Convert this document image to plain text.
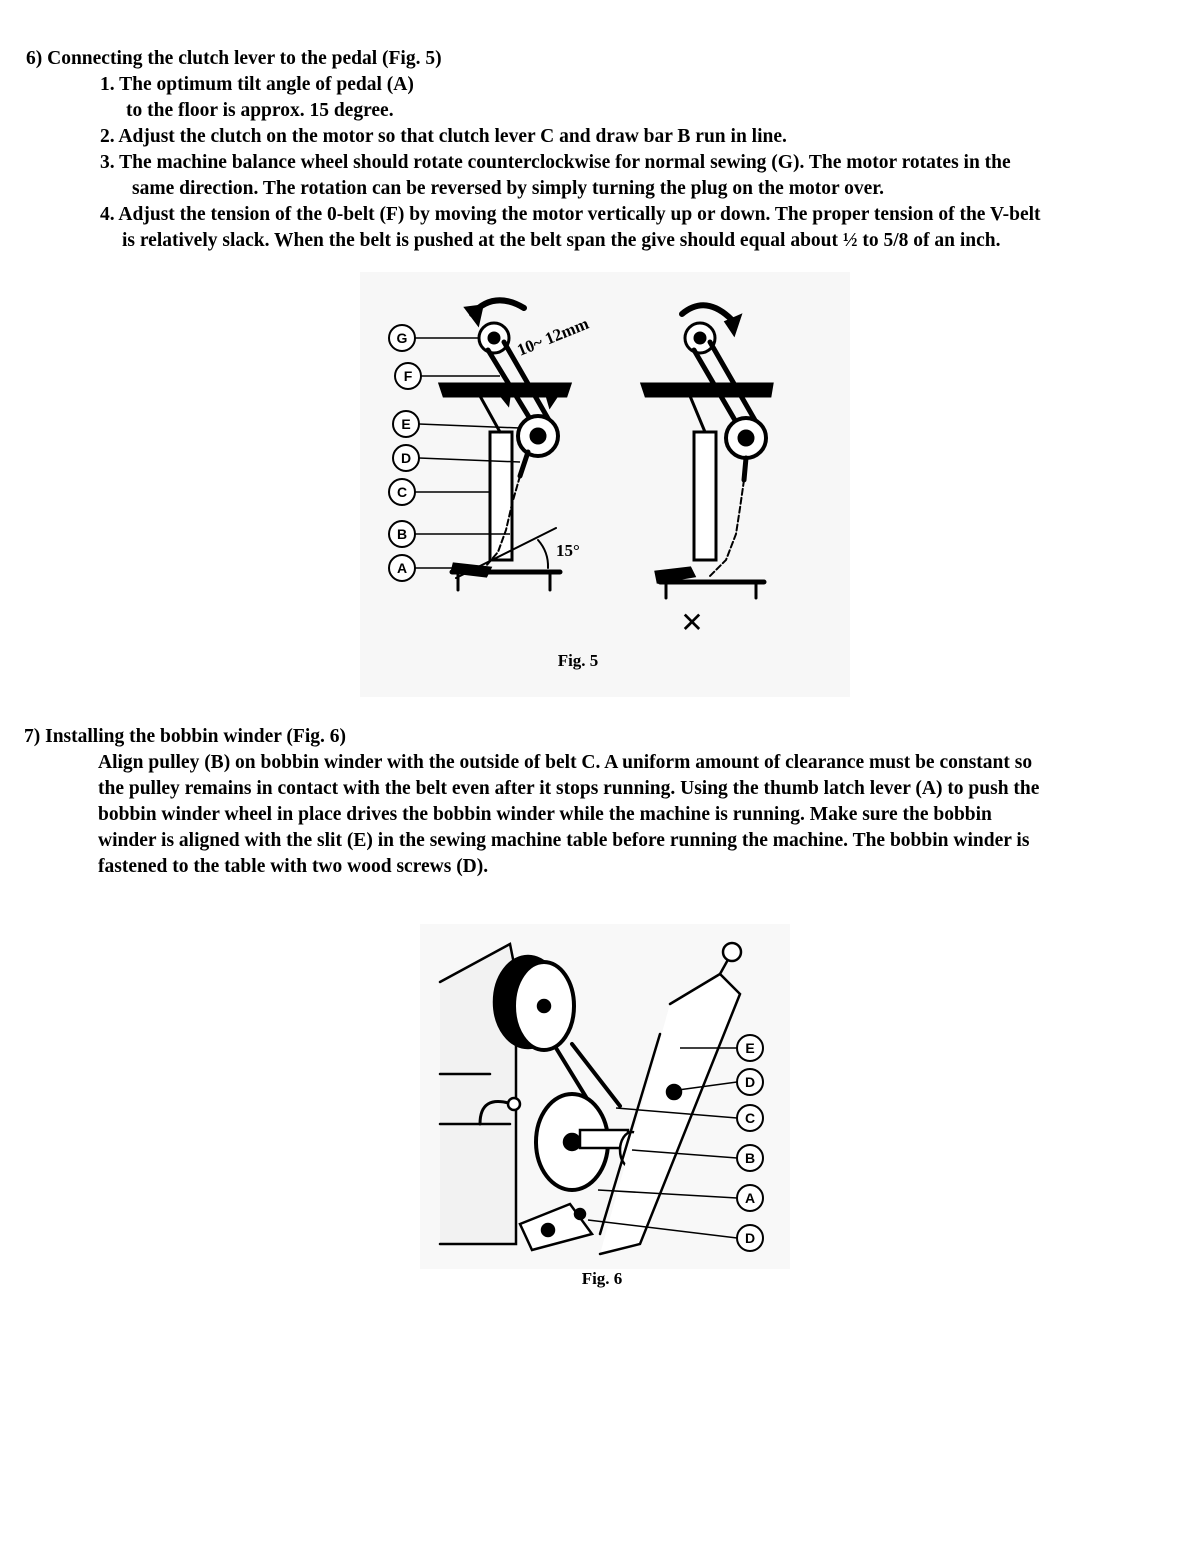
6) Connecting the clutch lever to the pedal (Fig. 5)
1. The optimum tilt angle of pedal (A)
to the floor is approx. 15 degree.
2. Adjust the clutch on the motor so that clutch lever C and draw bar B run in line.
3. The machine balance wheel should rotate counterclockwise for normal sewing (G). The motor rotates in the
same direction. The rotation can be reversed by simply turning the plug on the motor over.
4. Adjust the tension of the 0-belt (F) by moving the motor vertically up or down. The proper tension of the V-belt
is relatively slack. When the belt is pushed at the belt span the give should equal about ½ to 5/8 of an inch.
G
F
E
D
C
B
A
10~ 12mm
15°
✕
Fig. 5
7) Installing the bobbin winder (Fig. 6)
Align pulley (B) on bobbin winder with the outside of belt C. A uniform amount of clearance must be constant so
the pulley remains in contact with the belt even after it stops running. Using the thumb latch lever (A) to push the
bobbin winder wheel in place drives the bobbin winder while the machine is running. Make sure the bobbin
winder is aligned with the slit (E) in the sewing machine table before running the machine. The bobbin winder is
fastened to the table with two wood screws (D).
E
D
C
B
A
D
Fig. 6
